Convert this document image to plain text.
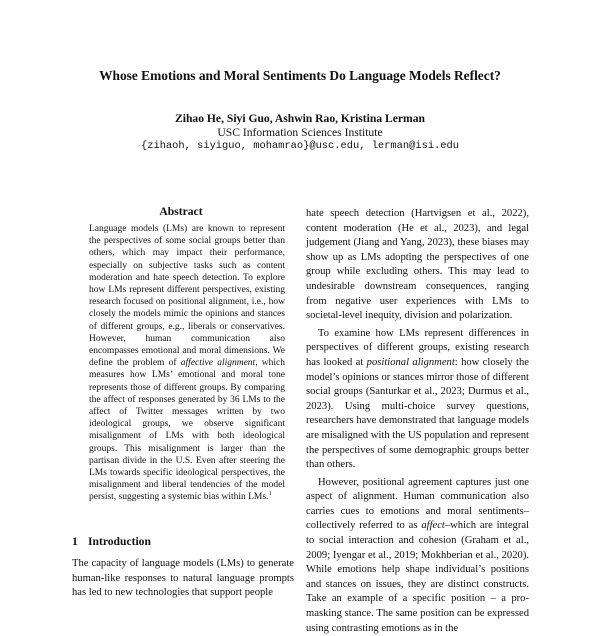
Whose Emotions and Moral Sentiments Do Language Models Reflect?
Zihao He, Siyi Guo, Ashwin Rao, Kristina Lerman
USC Information Sciences Institute
{zihaoh, siyiguo, mohamrao}@usc.edu, lerman@isi.edu
Abstract
Language models (LMs) are known to represent the perspectives of some social groups better than others, which may impact their performance, especially on subjective tasks such as content moderation and hate speech detection. To explore how LMs represent different perspectives, existing research focused on positional alignment, i.e., how closely the models mimic the opinions and stances of different groups, e.g., liberals or conservatives. However, human communication also encompasses emotional and moral dimensions. We define the problem of affective alignment, which measures how LMs’ emotional and moral tone represents those of different groups. By comparing the affect of responses generated by 36 LMs to the affect of Twitter messages written by two ideological groups, we observe significant misalignment of LMs with both ideological groups. This misalignment is larger than the partisan divide in the U.S. Even after steering the LMs towards specific ideological perspectives, the misalignment and liberal tendencies of the model persist, suggesting a systemic bias within LMs.$^1$
1 Introduction

The capacity of language models (LMs) to generate human-like responses to natural language prompts has led to new technologies that support people

hate speech detection (Hartvigsen et al., 2022), content moderation (He et al., 2023), and legal judgement (Jiang and Yang, 2023), these biases may show up as LMs adopting the perspectives of one group while excluding others. This may lead to undesirable downstream consequences, ranging from negative user experiences with LMs to societal-level inequity, division and polarization.

To examine how LMs represent differences in perspectives of different groups, existing research has looked at positional alignment: how closely the model’s opinions or stances mirror those of different social groups (Santurkar et al., 2023; Durmus et al., 2023). Using multi-choice survey questions, researchers have demonstrated that language models are misaligned with the US population and represent the perspectives of some demographic groups better than others.

However, positional agreement captures just one aspect of alignment. Human communication also carries cues to emotions and moral sentiments–collectively referred to as affect–which are integral to social interaction and cohesion (Graham et al., 2009; Iyengar et al., 2019; Mokhberian et al., 2020). While emotions help shape individual’s positions and stances on issues, they are distinct constructs. Take an example of a specific position – a pro-masking stance. The same position can be expressed using contrasting emotions as in the
